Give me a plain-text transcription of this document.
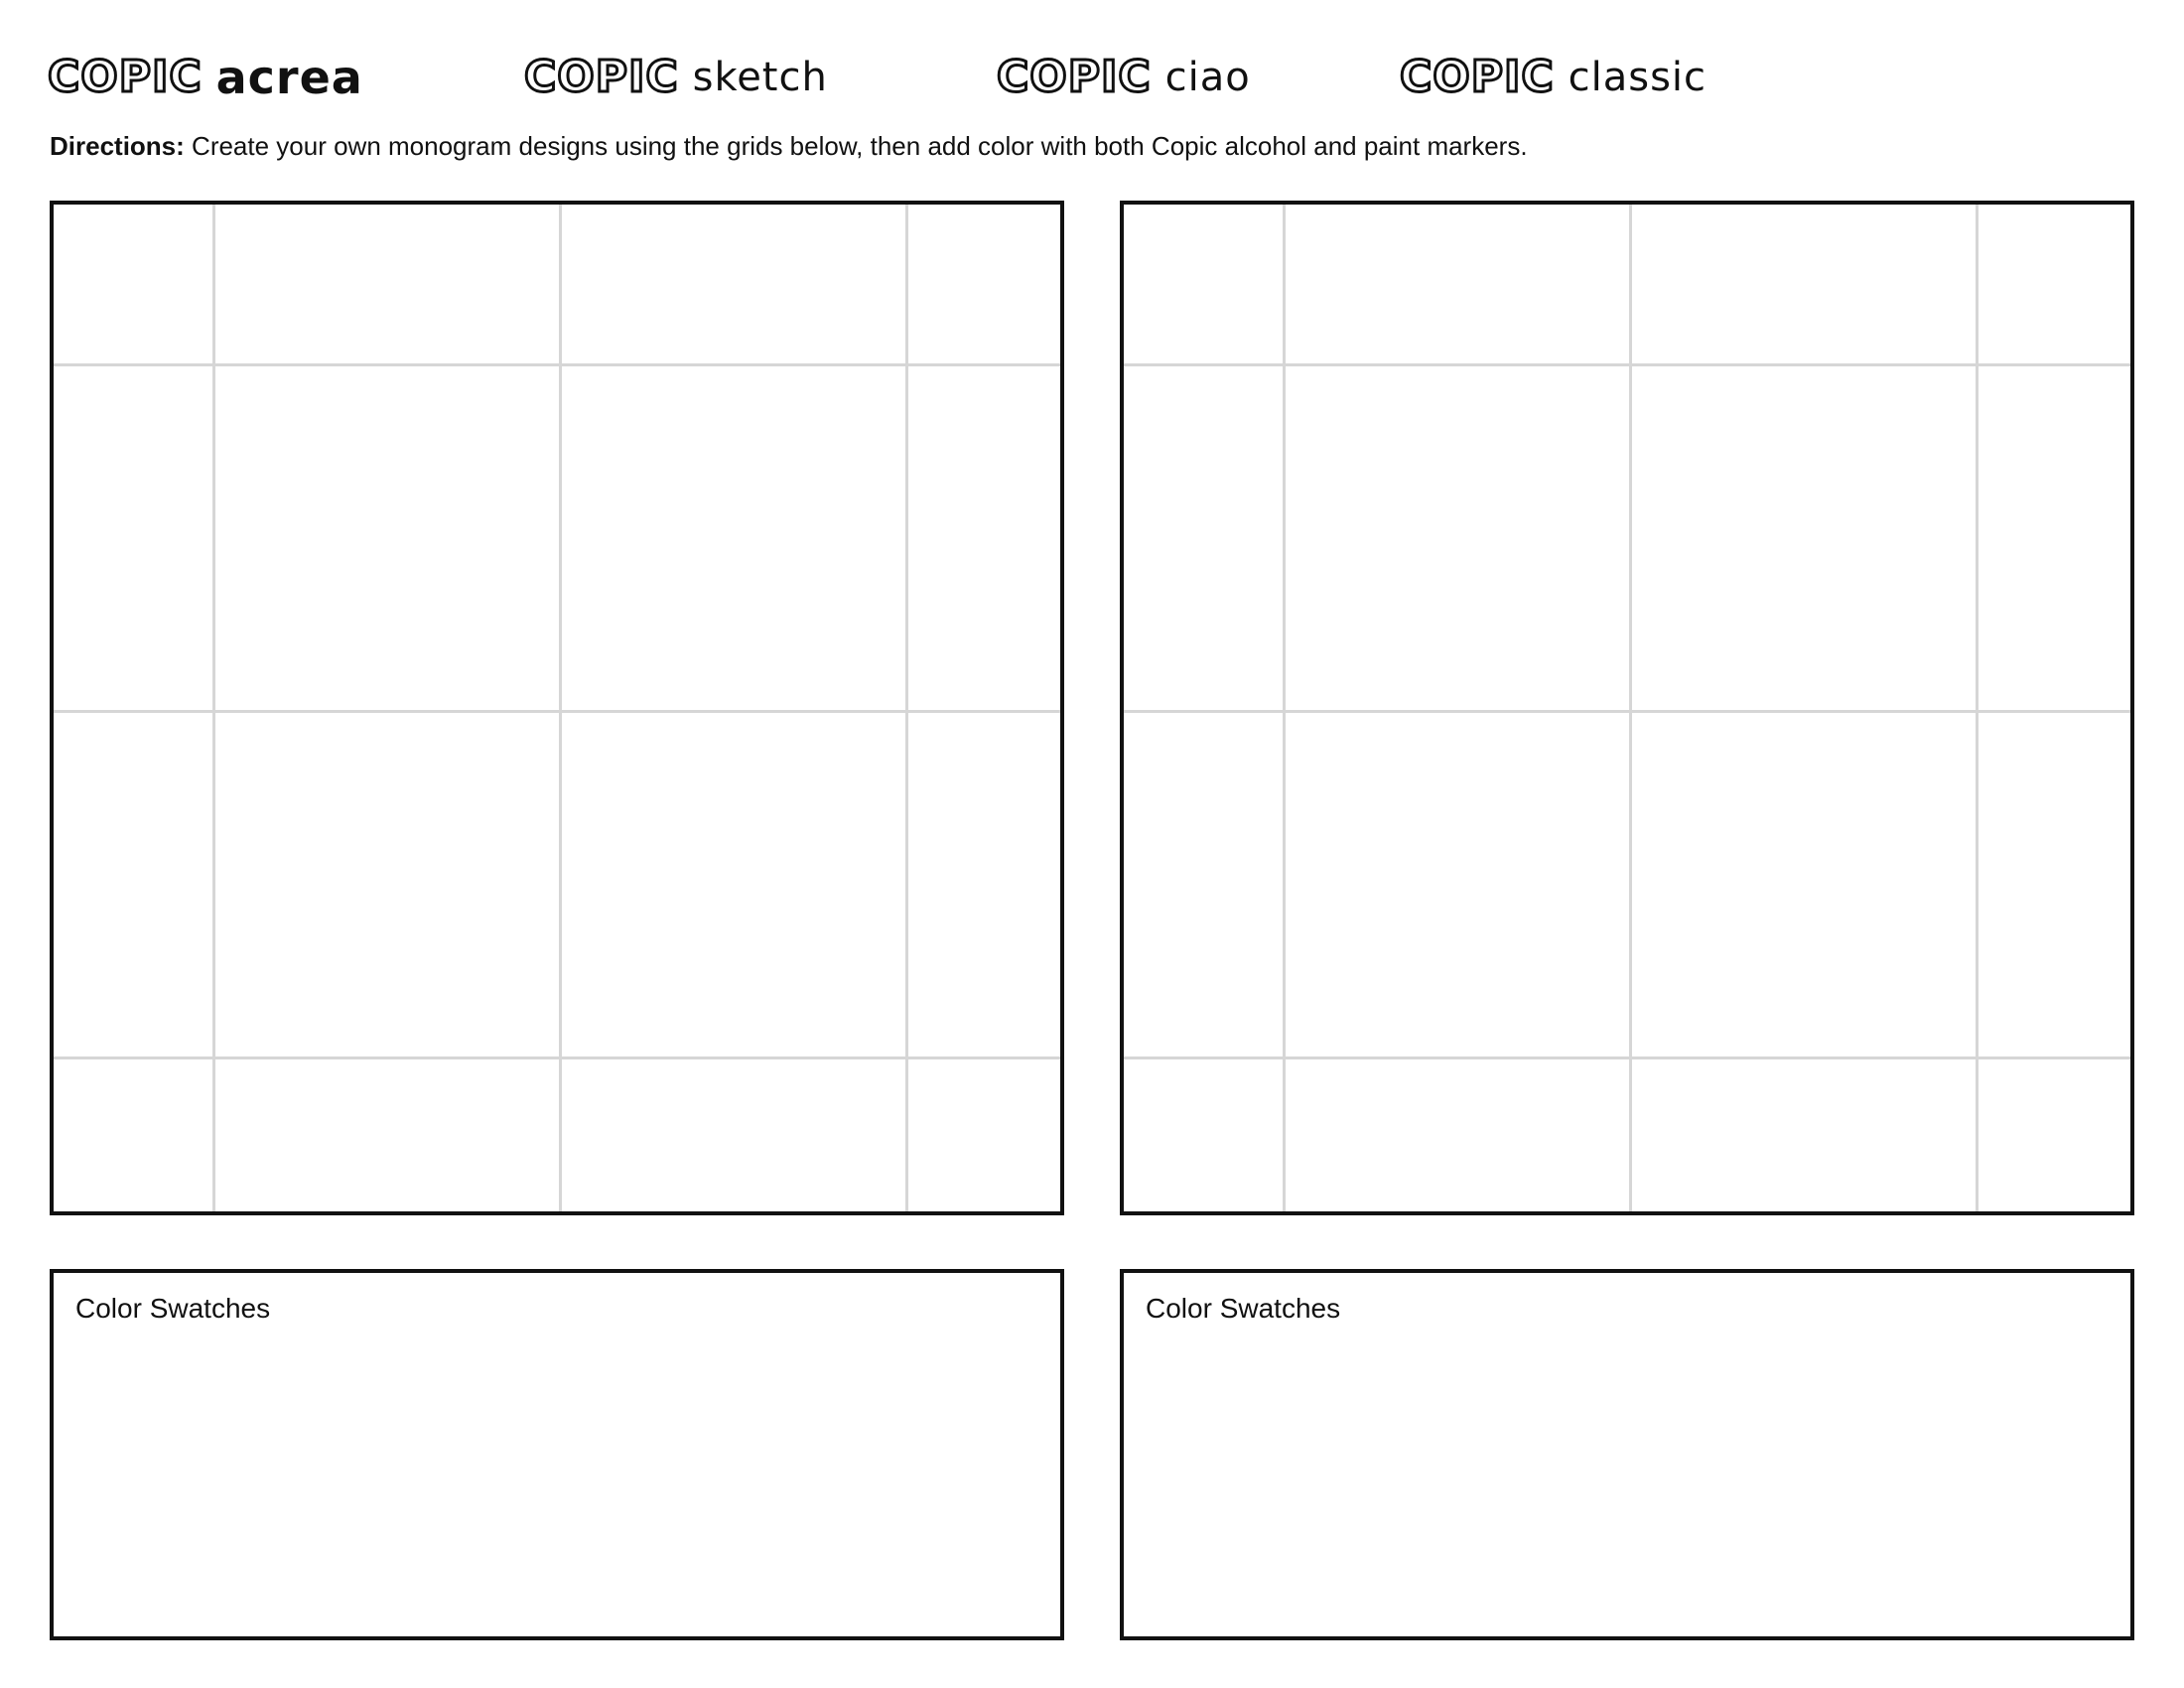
COPIC acrea	COPIC sketch	COPIC ciao	COPIC classic
Directions: Create your own monogram designs using the grids below, then add color with both Copic alcohol and paint markers.
Color Swatches	Color Swatches
